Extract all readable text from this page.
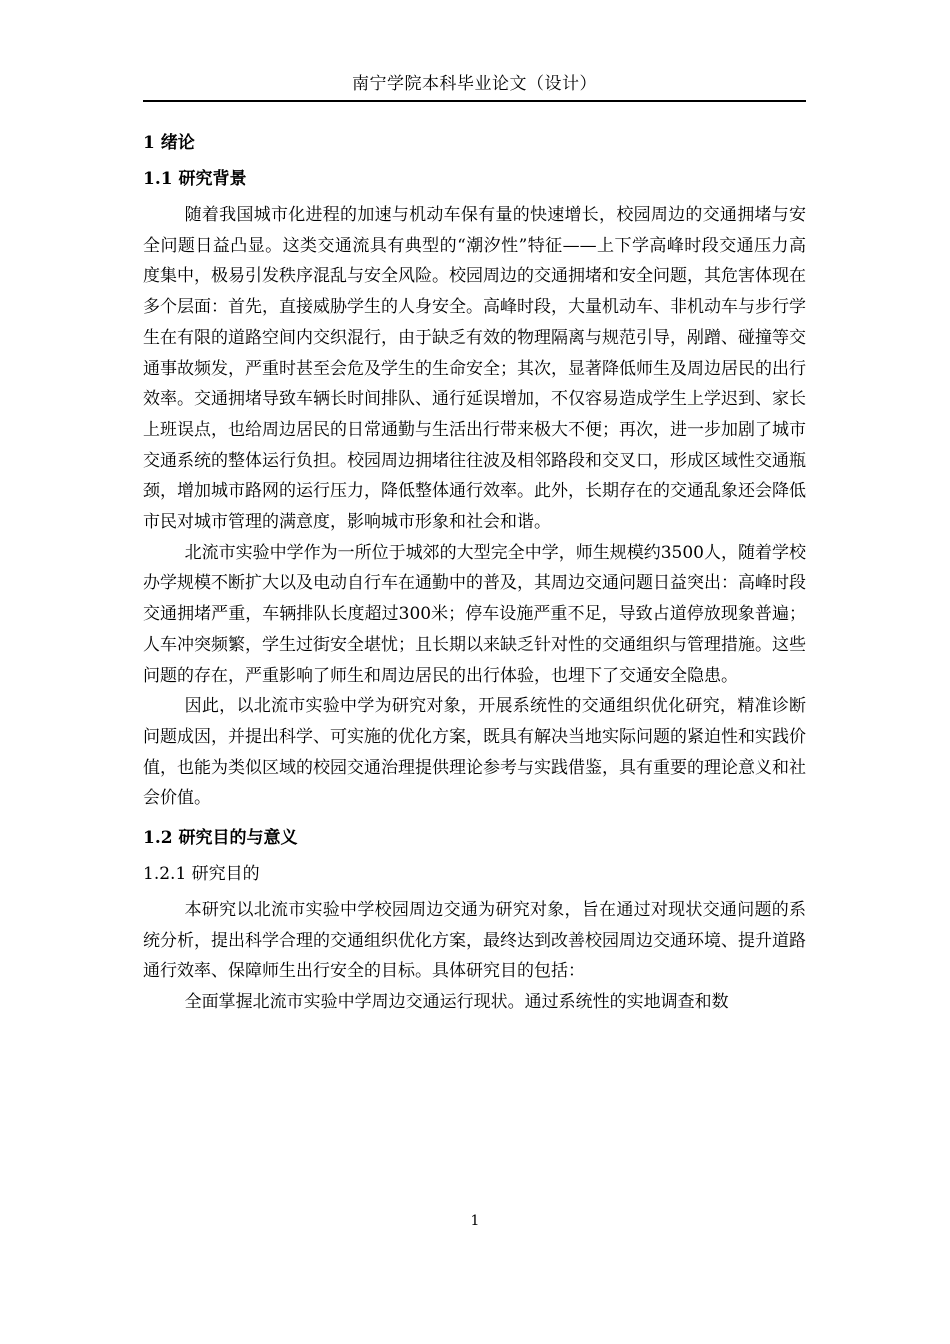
南宁学院本科毕业论文（设计）
1 绪论
1.1 研究背景

随着我国城市化进程的加速与机动车保有量的快速增长，校园周边的交通拥堵与安全问题日益凸显。这类交通流具有典型的“潮汐性”特征——上下学高峰时段交通压力高度集中，极易引发秩序混乱与安全风险。校园周边的交通拥堵和安全问题，其危害体现在多个层面：首先，直接威胁学生的人身安全。高峰时段，大量机动车、非机动车与步行学生在有限的道路空间内交织混行，由于缺乏有效的物理隔离与规范引导，剐蹭、碰撞等交通事故频发，严重时甚至会危及学生的生命安全；其次，显著降低师生及周边居民的出行效率。交通拥堵导致车辆长时间排队、通行延误增加，不仅容易造成学生上学迟到、家长上班误点，也给周边居民的日常通勤与生活出行带来极大不便；再次，进一步加剧了城市交通系统的整体运行负担。校园周边拥堵往往波及相邻路段和交叉口，形成区域性交通瓶颈，增加城市路网的运行压力，降低整体通行效率。此外，长期存在的交通乱象还会降低市民对城市管理的满意度，影响城市形象和社会和谐。

北流市实验中学作为一所位于城郊的大型完全中学，师生规模约3500人，随着学校办学规模不断扩大以及电动自行车在通勤中的普及，其周边交通问题日益突出：高峰时段交通拥堵严重，车辆排队长度超过300米；停车设施严重不足，导致占道停放现象普遍；人车冲突频繁，学生过街安全堪忧；且长期以来缺乏针对性的交通组织与管理措施。这些问题的存在，严重影响了师生和周边居民的出行体验，也埋下了交通安全隐患。

因此，以北流市实验中学为研究对象，开展系统性的交通组织优化研究，精准诊断问题成因，并提出科学、可实施的优化方案，既具有解决当地实际问题的紧迫性和实践价值，也能为类似区域的校园交通治理提供理论参考与实践借鉴，具有重要的理论意义和社会价值。

1.2 研究目的与意义
1.2.1 研究目的

本研究以北流市实验中学校园周边交通为研究对象，旨在通过对现状交通问题的系统分析，提出科学合理的交通组织优化方案，最终达到改善校园周边交通环境、提升道路通行效率、保障师生出行安全的目标。具体研究目的包括：

全面掌握北流市实验中学周边交通运行现状。通过系统性的实地调查和数

1
